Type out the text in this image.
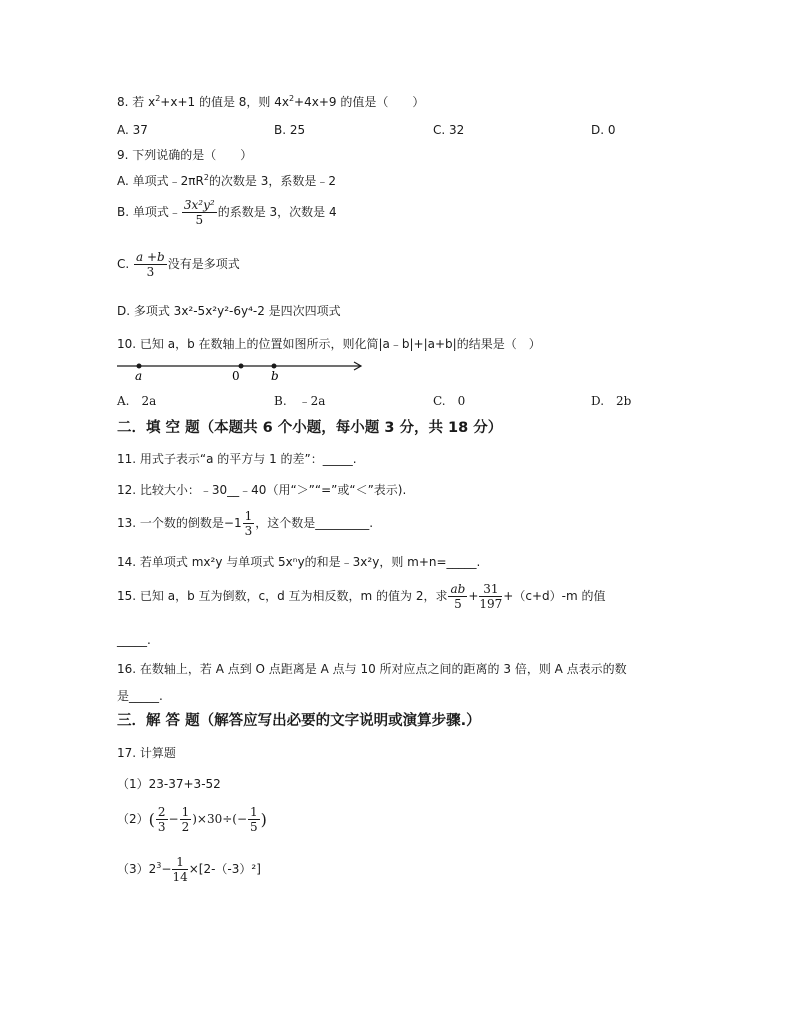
8. 若 $x^2+x+1$ 的值是 8，则 $4x^2+4x+9$ 的值是（　　）
A. 37	B. 25	C. 32	D. 0
9. 下列说确的是（　　）
A. 单项式$﹣2\pi R^2$的次数是 3，系数是﹣2
B. 单项式﹣ $\frac{\text{3x²y²}}{5}$ 的系数是 3，次数是 4
C. $\frac{a +b}{3}$ 没有是多项式
D. 多项式 3x²-5x²y²-6y⁴-2 是四次四项式
10. 已知 a，b 在数轴上的位置如图所示，则化简|a﹣b|+|a+b|的结果是（　）
a	0	b
A.　2a	B.　﹣2a	C.　0	D.　2b
二．填 空 题（本题共 6 个小题，每小题 3 分，共 18 分）
11. 用式子表示“a 的平方与 1 的差”：_____.
12. 比较大小：﹣30__﹣40（用“＞”“=”或“＜”表示).
13. 一个数的倒数是$-1 \frac{1}{3}$ ，这个数是_________.
14. 若单项式 mx²y 与单项式 5xⁿy的和是﹣3x²y，则 m+n=_____.
15. 已知 a，b 互为倒数，c，d 互为相反数，m 的值为 2，求 $\frac{ab}{5} + \frac{31}{197} +(c+d)-m$ 的值
_____.
16. 在数轴上，若 A 点到 O 点距离是 A 点与 10 所对应点之间的距离的 3 倍，则 A 点表示的数
是_____.
三．解 答 题（解答应写出必要的文字说明或演算步骤.）
17. 计算题
（1）23-37+3-52
$(2)( \frac{2}{3} - \frac{1}{2} )\times 30\div(- \frac{1}{5}$ )
$(3)2^3- \frac{1}{14} \times[2-(-3)^2]$
